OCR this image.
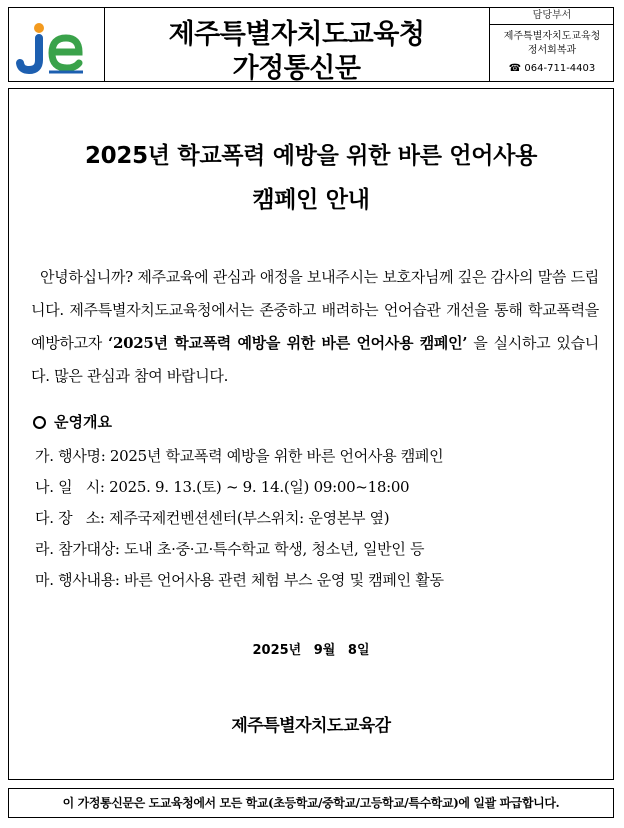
제주특별자치도교육청
가정통신문
담당부서
제주특별자치도교육청
정서회복과
☎ 064-711-4403
2025년 학교폭력 예방을 위한 바른 언어사용
캠페인 안내
안녕하십니까? 제주교육에 관심과 애정을 보내주시는 보호자님께 깊은 감사의 말씀 드립니다. 제주특별자치도교육청에서는 존중하고 배려하는 언어습관 개선을 통해 학교폭력을 예방하고자 ‘2025년 학교폭력 예방을 위한 바른 언어사용 캠페인’ 을 실시하고 있습니다. 많은 관심과 참여 바랍니다.
운영개요
가. 행사명: 2025년 학교폭력 예방을 위한 바른 언어사용 캠페인
나. 일   시: 2025. 9. 13.(토) ~ 9. 14.(일) 09:00~18:00
다. 장   소: 제주국제컨벤션센터(부스위치: 운영본부 옆)
라. 참가대상: 도내 초·중·고·특수학교 학생, 청소년, 일반인 등
마. 행사내용: 바른 언어사용 관련 체험 부스 운영 및 캠페인 활동
2025년 9월 8일
제주특별자치도교육감
이 가정통신문은 도교육청에서 모든 학교(초등학교/중학교/고등학교/특수학교)에 일괄 파급합니다.
